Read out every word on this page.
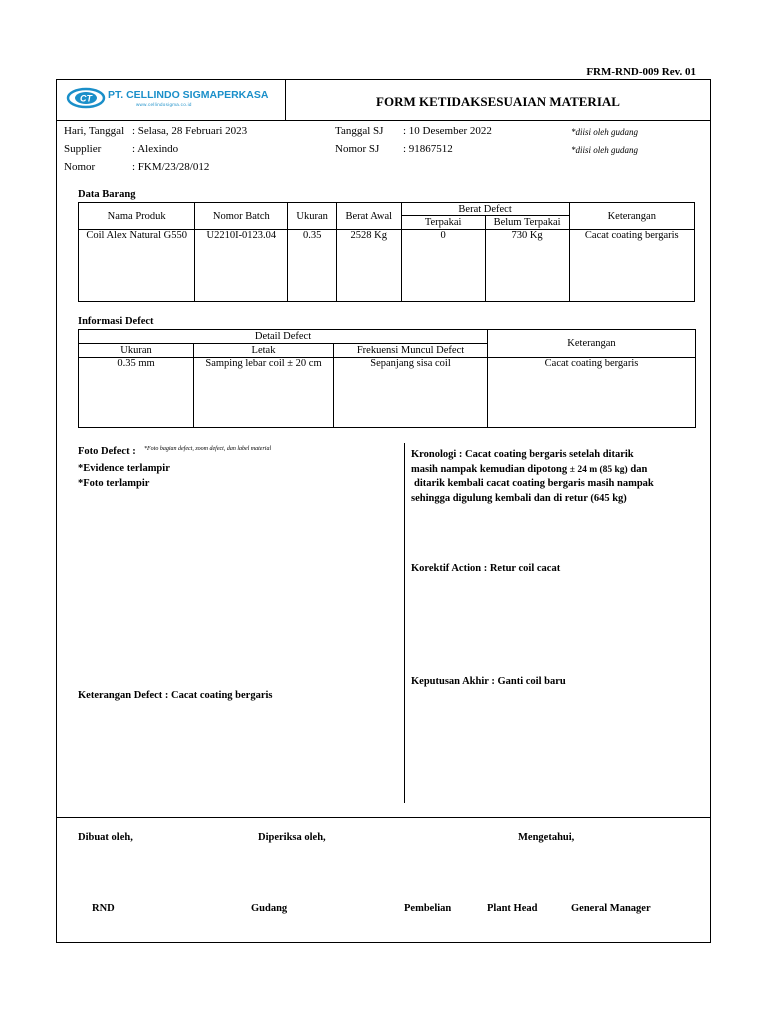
FRM-RND-009 Rev. 01
CT PT. CELLINDO SIGMAPERKASA
www.cellindosigma.co.id	FORM KETIDAKSESUAIAN MATERIAL
Hari, Tanggal : Selasa, 28 Februari 2023
Supplier	: Alexindo
Nomor	: FKM/23/28/012
Tanggal SJ : 10 Desember 2022
Nomor SJ : 91867512
*diisi oleh gudang
*diisi oleh gudang
Data Barang
Nama Produk	Nomor Batch	Ukuran	Berat Awal	Berat Defect		Keterangan
				Terpakai	Belum Terpakai	
Coil Alex Natural G550	U2210I-0123.04	0.35	2528 Kg	0	730 Kg	Cacat coating bergaris
Informasi Defect
Detail Defect			Keterangan
Ukuran	Letak	Frekuensi Muncul Defect	
0.35 mm	Samping lebar coil ± 20 cm	Sepanjang sisa coil	Cacat coating bergaris
Foto Defect : *Foto bagian defect, zoom defect, dan label material
*Evidence terlampir
*Foto terlampir
Keterangan Defect : Cacat coating bergaris
Kronologi : Cacat coating bergaris setelah ditarik
masih nampak kemudian dipotong ± 24 m (85 kg) dan
ditarik kembali cacat coating bergaris masih nampak
sehingga digulung kembali dan di retur (645 kg)
Korektif Action : Retur coil cacat
Keputusan Akhir : Ganti coil baru
Dibuat oleh,	Diperiksa oleh,	Mengetahui,
RND	Gudang	Pembelian	Plant Head	General Manager
